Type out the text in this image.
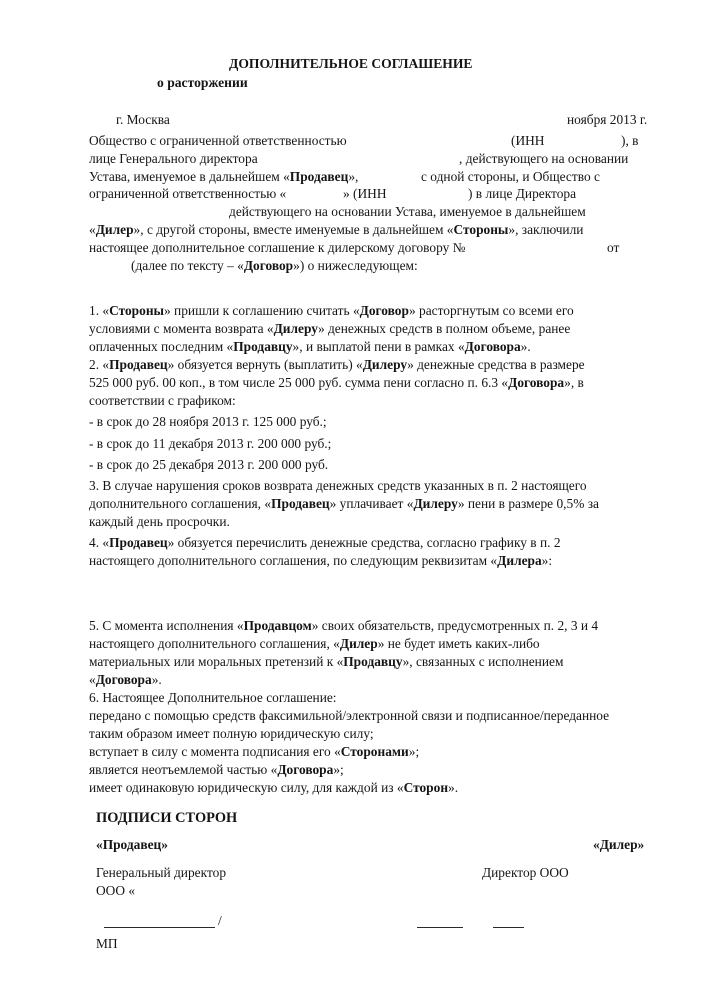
ДОПОЛНИТЕЛЬНОЕ СОГЛАШЕНИЕ
о расторжении
г. Москва	ноября 2013 г.
Общество с ограниченной ответственностью	(ИНН	), в
лице Генерального директора	, действующего на основании
Устава, именуемое в дальнейшем «Продавец»,	с одной стороны, и Общество с
ограниченной ответственностью «	» (ИНН	) в лице Директора
действующего на основании Устава, именуемое в дальнейшем
«Дилер», с другой стороны, вместе именуемые в дальнейшем «Стороны», заключили
настоящее дополнительное соглашение к дилерскому договору №	от
(далее по тексту – «Договор») о нижеследующем:
1. «Стороны» пришли к соглашению считать «Договор» расторгнутым со всеми его
условиями с момента возврата «Дилеру» денежных средств в полном объеме, ранее
оплаченных последним «Продавцу», и выплатой пени в рамках «Договора».
2. «Продавец» обязуется вернуть (выплатить) «Дилеру» денежные средства в размере
525 000 руб. 00 коп., в том числе 25 000 руб. сумма пени согласно п. 6.3 «Договора», в
соответствии с графиком:
- в срок до 28 ноября 2013 г. 125 000 руб.;
- в срок до 11 декабря 2013 г. 200 000 руб.;
- в срок до 25 декабря 2013 г. 200 000 руб.
3. В случае нарушения сроков возврата денежных средств указанных в п. 2 настоящего
дополнительного соглашения, «Продавец» уплачивает «Дилеру» пени в размере 0,5% за
каждый день просрочки.
4. «Продавец» обязуется перечислить денежные средства, согласно графику в п. 2
настоящего дополнительного соглашения, по следующим реквизитам «Дилера»:
5. С момента исполнения «Продавцом» своих обязательств, предусмотренных п. 2, 3 и 4
настоящего дополнительного соглашения, «Дилер» не будет иметь каких-либо
материальных или моральных претензий к «Продавцу», связанных с исполнением
«Договора».
6. Настоящее Дополнительное соглашение:
передано с помощью средств факсимильной/электронной связи и подписанное/переданное
таким образом имеет полную юридическую силу;
вступает в силу с момента подписания его «Сторонами»;
является неотъемлемой частью «Договора»;
имеет одинаковую юридическую силу, для каждой из «Сторон».
ПОДПИСИ СТОРОН
«Продавец»	«Дилер»
Генеральный директор	Директор ООО
ООО «
/
МП
